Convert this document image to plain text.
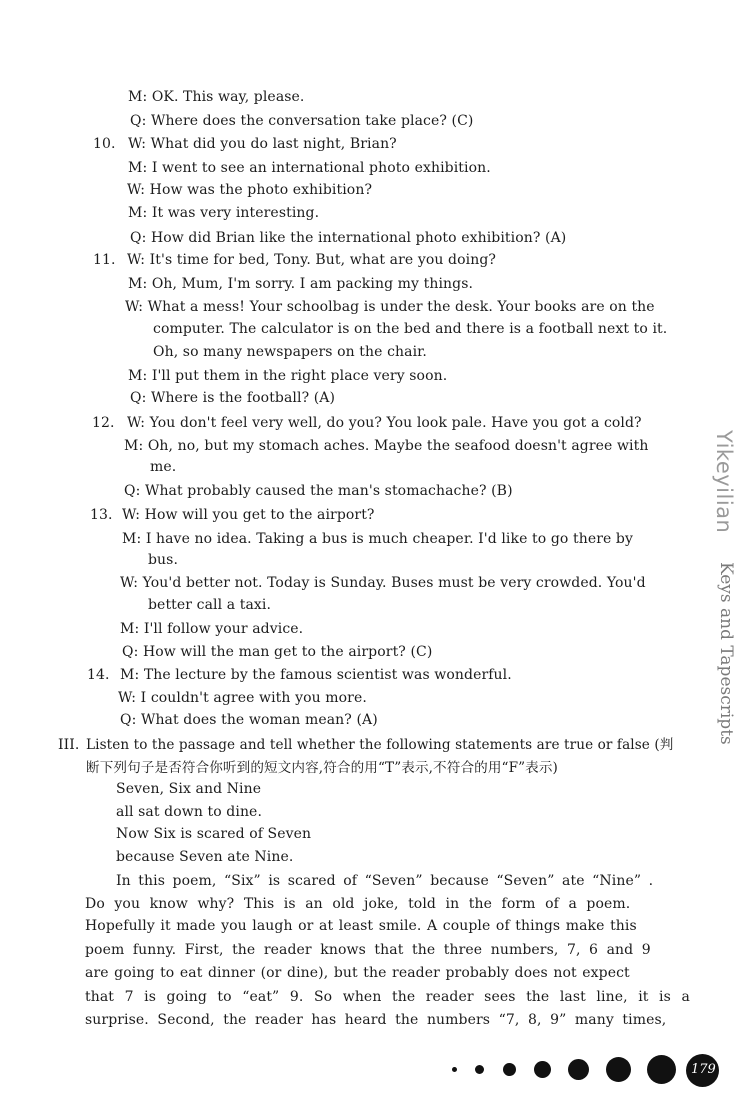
M: OK. This way, please.
Q: Where does the conversation take place? (C)
10. W: What did you do last night, Brian?
M: I went to see an international photo exhibition.
W: How was the photo exhibition?
M: It was very interesting.
Q: How did Brian like the international photo exhibition? (A)
11. W: It's time for bed, Tony. But, what are you doing?
M: Oh, Mum, I'm sorry. I am packing my things.
W: What a mess! Your schoolbag is under the desk. Your books are on the
computer. The calculator is on the bed and there is a football next to it.
Oh, so many newspapers on the chair.
M: I'll put them in the right place very soon.
Q: Where is the football? (A)
12. W: You don't feel very well, do you? You look pale. Have you got a cold?
M: Oh, no, but my stomach aches. Maybe the seafood doesn't agree with
me.
Q: What probably caused the man's stomachache? (B)
13. W: How will you get to the airport?
M: I have no idea. Taking a bus is much cheaper. I'd like to go there by
bus.
W: You'd better not. Today is Sunday. Buses must be very crowded. You'd
better call a taxi.
M: I'll follow your advice.
Q: How will the man get to the airport? (C)
14. M: The lecture by the famous scientist was wonderful.
W: I couldn't agree with you more.
Q: What does the woman mean? (A)
III. Listen to the passage and tell whether the following statements are true or false (判
断下列句子是否符合你听到的短文内容,符合的用“T”表示,不符合的用“F”表示)
Seven, Six and Nine
all sat down to dine.
Now Six is scared of Seven
because Seven ate Nine.
In this poem, “Six” is scared of “Seven” because “Seven” ate “Nine” .
Do you know why? This is an old joke, told in the form of a poem.
Hopefully it made you laugh or at least smile. A couple of things make this
poem funny. First, the reader knows that the three numbers, 7, 6 and 9
are going to eat dinner (or dine), but the reader probably does not expect
that 7 is going to “eat” 9. So when the reader sees the last line, it is a
surprise. Second, the reader has heard the numbers “7, 8, 9” many times,
Yikeyilian
Keys and Tapescripts
179
